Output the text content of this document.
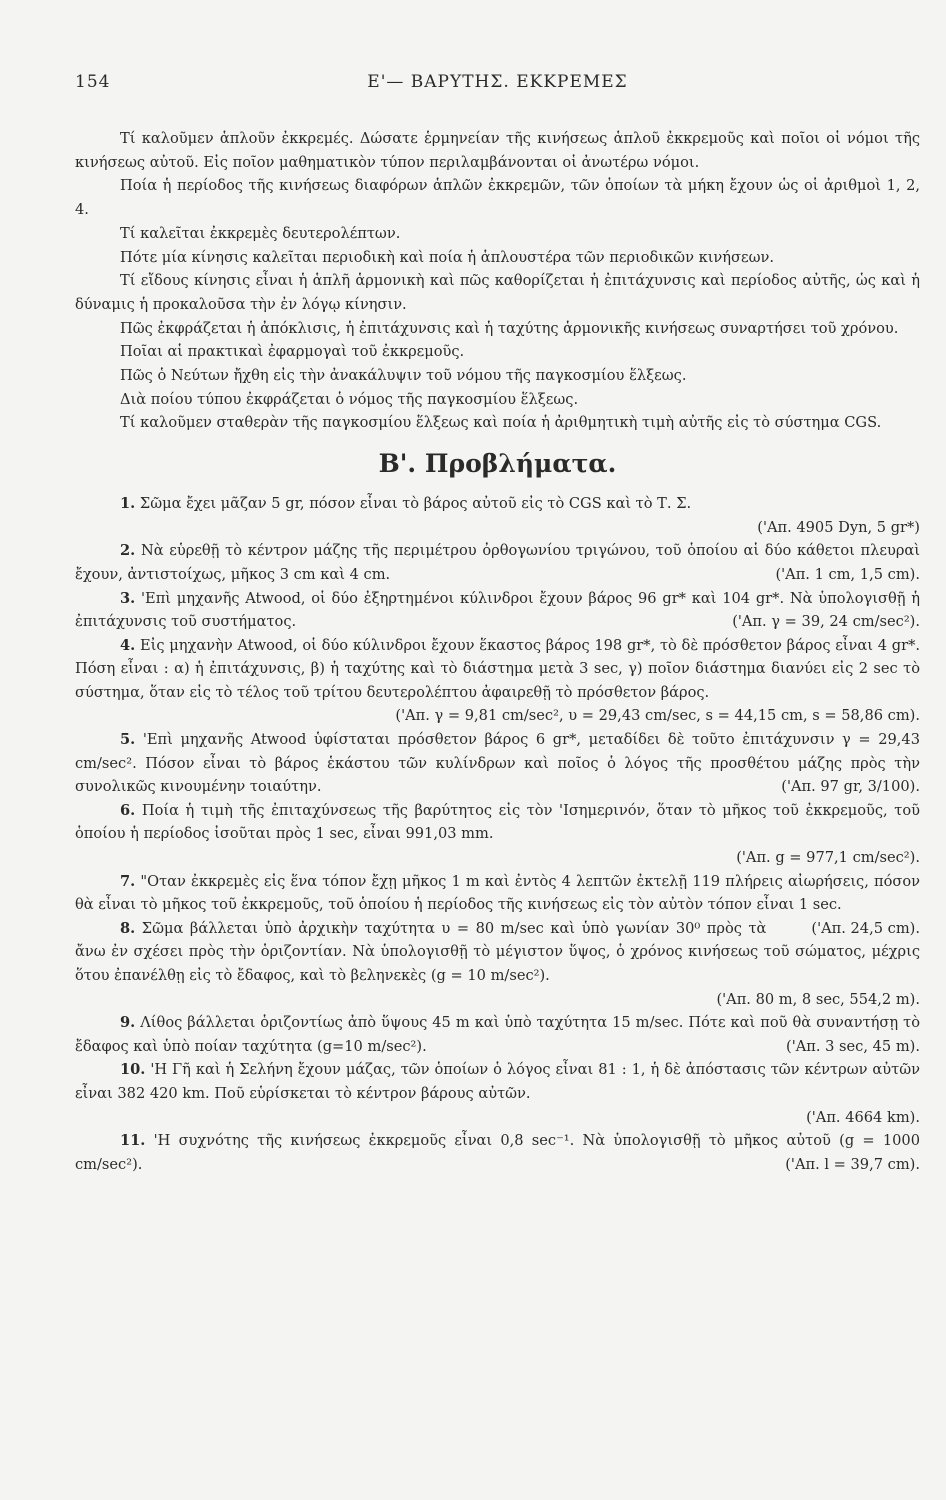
154	Ε'— ΒΑΡΥΤΗΣ. ΕΚΚΡΕΜΕΣ

Τί καλοῦμεν ἁπλοῦν ἐκκρεμές. Δώσατε ἑρμηνείαν τῆς κινήσεως ἁπλοῦ ἐκκρεμοῦς καὶ ποῖοι οἱ νόμοι τῆς κινήσεως αὐτοῦ. Εἰς ποῖον μαθηματικὸν τύπον περιλαμβάνονται οἱ ἀνωτέρω νόμοι.

Ποία ἡ περίοδος τῆς κινήσεως διαφόρων ἁπλῶν ἐκκρεμῶν, τῶν ὁποίων τὰ μήκη ἔχουν ὡς οἱ ἀριθμοὶ 1, 2, 4.

Τί καλεῖται ἐκκρεμὲς δευτερολέπτων.

Πότε μία κίνησις καλεῖται περιοδικὴ καὶ ποία ἡ ἁπλουστέρα τῶν περιοδικῶν κινήσεων.

Τί εἴδους κίνησις εἶναι ἡ ἁπλῆ ἁρμονικὴ καὶ πῶς καθορίζεται ἡ ἐπιτάχυνσις καὶ περίοδος αὐτῆς, ὡς καὶ ἡ δύναμις ἡ προκαλοῦσα τὴν ἐν λόγῳ κίνησιν.

Πῶς ἐκφράζεται ἡ ἀπόκλισις, ἡ ἐπιτάχυνσις καὶ ἡ ταχύτης ἁρμονικῆς κινήσεως συναρτήσει τοῦ χρόνου.

Ποῖαι αἱ πρακτικαὶ ἐφαρμογαὶ τοῦ ἐκκρεμοῦς.

Πῶς ὁ Νεύτων ἤχθη εἰς τὴν ἀνακάλυψιν τοῦ νόμου τῆς παγκοσμίου ἕλξεως.

Διὰ ποίου τύπου ἐκφράζεται ὁ νόμος τῆς παγκοσμίου ἕλξεως.

Τί καλοῦμεν σταθερὰν τῆς παγκοσμίου ἕλξεως καὶ ποία ἡ ἀριθμητικὴ τιμὴ αὐτῆς εἰς τὸ σύστημα CGS.

Β'. Προβλήματα.

1. Σῶμα ἔχει μᾶζαν 5 gr, πόσον εἶναι τὸ βάρος αὐτοῦ εἰς τὸ CGS καὶ τὸ Τ. Σ.

('Απ. 4905 Dyn, 5 gr*)

2. Νὰ εὑρεθῇ τὸ κέντρον μάζης τῆς περιμέτρου ὀρθογωνίου τριγώνου, τοῦ ὁποίου αἱ δύο κάθετοι πλευραὶ ἔχουν, ἀντιστοίχως, μῆκος 3 cm καὶ 4 cm.	('Απ. 1 cm, 1,5 cm).

3. 'Επὶ μηχανῆς Atwood, οἱ δύο ἐξηρτημένοι κύλινδροι ἔχουν βάρος 96 gr* καὶ 104 gr*. Νὰ ὑπολογισθῇ ἡ ἐπιτάχυνσις τοῦ συστήματος.	('Απ. γ = 39, 24 cm/sec²).

4. Εἰς μηχανὴν Atwood, οἱ δύο κύλινδροι ἔχουν ἕκαστος βάρος 198 gr*, τὸ δὲ πρόσθετον βάρος εἶναι 4 gr*. Πόση εἶναι : α) ἡ ἐπιτάχυνσις, β) ἡ ταχύτης καὶ τὸ διάστημα μετὰ 3 sec, γ) ποῖον διάστημα διανύει εἰς 2 sec τὸ σύστημα, ὅταν εἰς τὸ τέλος τοῦ τρίτου δευτερολέπτου ἀφαιρεθῇ τὸ πρόσθετον βάρος.

('Απ. γ = 9,81 cm/sec², υ = 29,43 cm/sec, s = 44,15 cm, s = 58,86 cm).

5. 'Επὶ μηχανῆς Atwood ὑφίσταται πρόσθετον βάρος 6 gr*, μεταδίδει δὲ τοῦτο ἐπιτάχυνσιν γ = 29,43 cm/sec². Πόσον εἶναι τὸ βάρος ἑκάστου τῶν κυλίνδρων καὶ ποῖος ὁ λόγος τῆς προσθέτου μάζης πρὸς τὴν συνολικῶς κινουμένην τοιαύτην.	('Απ. 97 gr, 3/100).

6. Ποία ἡ τιμὴ τῆς ἐπιταχύνσεως τῆς βαρύτητος εἰς τὸν 'Ισημερινόν, ὅταν τὸ μῆκος τοῦ ἐκκρεμοῦς, τοῦ ὁποίου ἡ περίοδος ἰσοῦται πρὸς 1 sec, εἶναι 991,03 mm.

('Απ. g = 977,1 cm/sec²).

7. "Οταν ἐκκρεμὲς εἰς ἕνα τόπον ἔχῃ μῆκος 1 m καὶ ἐντὸς 4 λεπτῶν ἐκτελῇ 119 πλήρεις αἰωρήσεις, πόσον θὰ εἶναι τὸ μῆκος τοῦ ἐκκρεμοῦς, τοῦ ὁποίου ἡ περίοδος τῆς κινήσεως εἰς τὸν αὐτὸν τόπον εἶναι 1 sec.
('Απ. 24,5 cm).

8. Σῶμα βάλλεται ὑπὸ ἀρχικὴν ταχύτητα υ = 80 m/sec καὶ ὑπὸ γωνίαν 30⁰ πρὸς τὰ ἄνω ἐν σχέσει πρὸς τὴν ὁριζοντίαν. Νὰ ὑπολογισθῇ τὸ μέγιστον ὕψος, ὁ χρόνος κινήσεως τοῦ σώματος, μέχρις ὅτου ἐπανέλθῃ εἰς τὸ ἔδαφος, καὶ τὸ βεληνεκὲς (g = 10 m/sec²).

('Απ. 80 m, 8 sec, 554,2 m).

9. Λίθος βάλλεται ὁριζοντίως ἀπὸ ὕψους 45 m καὶ ὑπὸ ταχύτητα 15 m/sec. Πότε καὶ ποῦ θὰ συναντήσῃ τὸ ἔδαφος καὶ ὑπὸ ποίαν ταχύτητα (g=10 m/sec²).	('Απ. 3 sec, 45 m).

10. 'Η Γῆ καὶ ἡ Σελήνη ἔχουν μάζας, τῶν ὁποίων ὁ λόγος εἶναι 81 : 1, ἡ δὲ ἀπόστασις τῶν κέντρων αὐτῶν εἶναι 382 420 km. Ποῦ εὑρίσκεται τὸ κέντρον βάρους αὐτῶν.

('Απ. 4664 km).

11. 'Η συχνότης τῆς κινήσεως ἐκκρεμοῦς εἶναι 0,8 sec⁻¹. Νὰ ὑπολογισθῇ τὸ μῆκος αὐτοῦ (g = 1000 cm/sec²).	('Απ. l = 39,7 cm).
